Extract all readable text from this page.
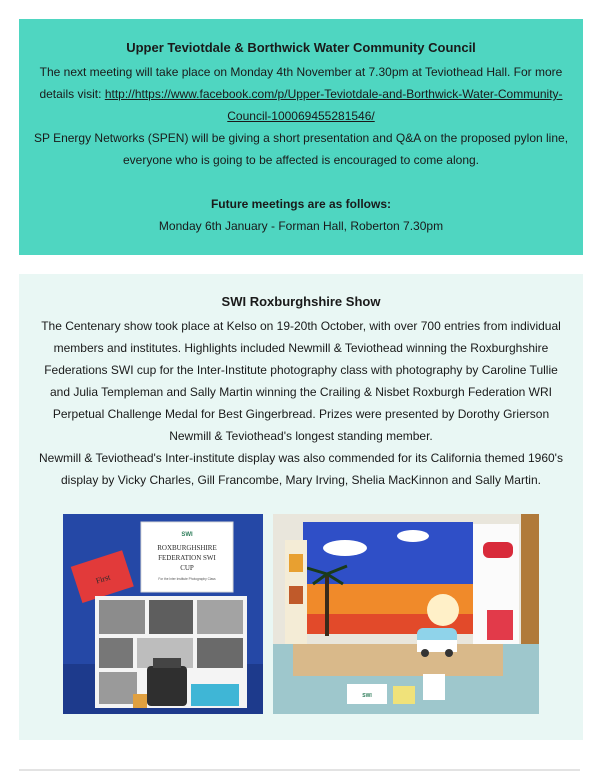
Upper Teviotdale & Borthwick Water Community Council

The next meeting will take place on Monday 4th November at 7.30pm at Teviothead Hall. For more details visit: http://https://www.facebook.com/p/Upper-Teviotdale-and-Borthwick-Water-Community-Council-100069455281546/

SP Energy Networks (SPEN) will be giving a short presentation and Q&A on the proposed pylon line, everyone who is going to be affected is encouraged to come along.

Future meetings are as follows:

Monday 6th January - Forman Hall, Roberton 7.30pm

SWI Roxburghshire Show

The Centenary show took place at Kelso on 19-20th October, with over 700 entries from individual members and institutes. Highlights included Newmill & Teviothead winning the Roxburghshire Federations SWI cup for the Inter-Institute photography class with photography by Caroline Tullie and Julia Templeman and Sally Martin winning the Crailing & Nisbet Roxburgh Federation WRI Perpetual Challenge Medal for Best Gingerbread. Prizes were presented by Dorothy Grierson Newmill & Teviothead's longest standing member.

Newmill & Teviothead's Inter-institute display was also commended for its California themed 1960's display by Vicky Charles, Gill Francombe, Mary Irving, Shelia MacKinnon and Sally Martin.

SWI
ROXBURGHSHIRE
FEDERATION SWI
CUP
For the Inter Institute Photography Class
First
SWI
